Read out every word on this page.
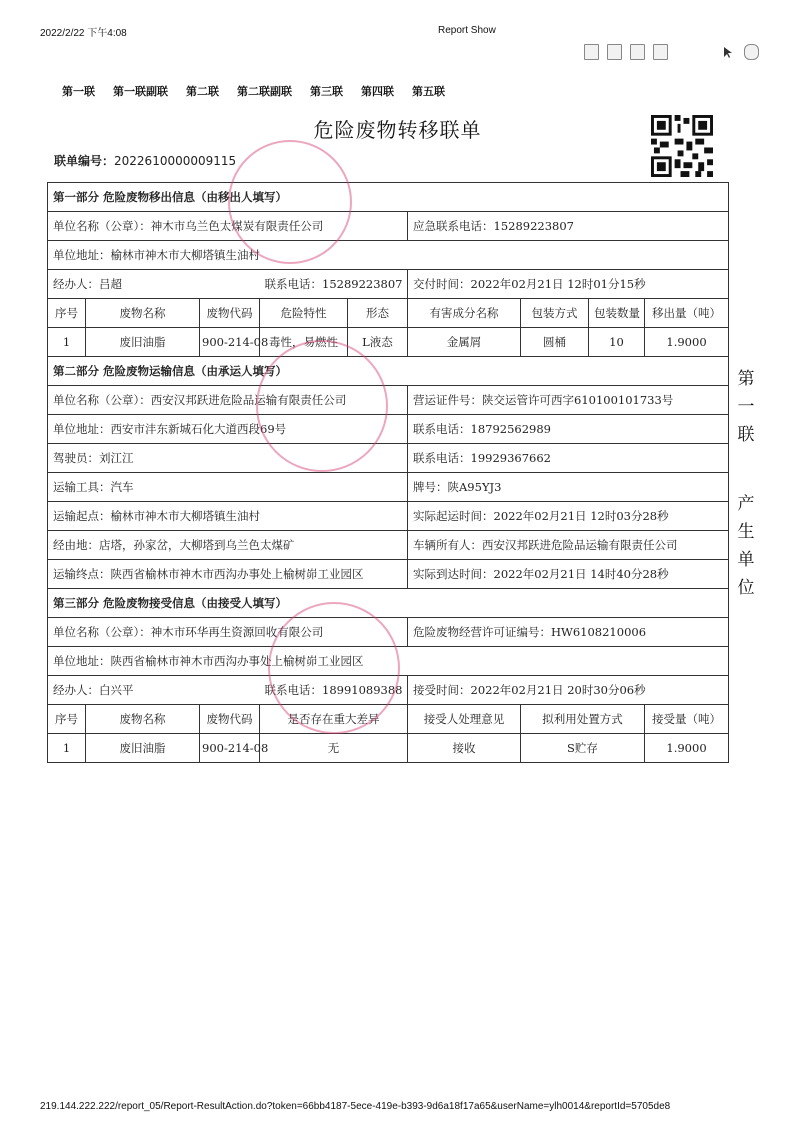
2022/2/22 下午4:08	Report Show
第一联 第一联副联 第二联 第二联副联 第三联 第四联 第五联
危险废物转移联单
联单编号：2022610000009115
第一部分 危险废物移出信息（由移出人填写）								
单位名称（公章）：神木市乌兰色太煤炭有限责任公司					应急联系电话：15289223807			
单位地址：榆林市神木市大柳塔镇生油村								
经办人：吕超			联系电话：15289223807		交付时间：2022年02月21日 12时01分15秒			
序号	废物名称	废物代码	危险特性	形态	有害成分名称	包装方式	包装数量	移出量（吨）
1	废旧油脂	900-214-08	毒性，易燃性	L液态	金属屑	圆桶	10	1.9000
第二部分 危险废物运输信息（由承运人填写）								
单位名称（公章）：西安汉邦跃进危险品运输有限责任公司					营运证件号：陕交运管许可西字610100101733号			
单位地址：西安市沣东新城石化大道西段69号					联系电话：18792562989			
驾驶员：刘江江					联系电话：19929367662			
运输工具：汽车					牌号：陕A95YJ3			
运输起点：榆林市神木市大柳塔镇生油村					实际起运时间：2022年02月21日 12时03分28秒			
经由地：店塔，孙家岔，大柳塔到乌兰色太煤矿					车辆所有人：西安汉邦跃进危险品运输有限责任公司			
运输终点：陕西省榆林市神木市西沟办事处上榆树峁工业园区					实际到达时间：2022年02月21日 14时40分28秒			
第三部分 危险废物接受信息（由接受人填写）								
单位名称（公章）：神木市环华再生资源回收有限公司					危险废物经营许可证编号：HW6108210006			
单位地址：陕西省榆林市神木市西沟办事处上榆树峁工业园区								
经办人：白兴平			联系电话：18991089388		接受时间：2022年02月21日 20时30分06秒			
序号	废物名称	废物代码	是否存在重大差异		接受人处理意见	拟利用处置方式		接受量（吨）
1	废旧油脂	900-214-08	无		接收	S贮存		1.9000
第
一
联
产
生
单
位
219.144.222.222/report_05/Report-ResultAction.do?token=66bb4187-5ece-419e-b393-9d6a18f17a65&userName=ylh0014&reportId=5705de8
